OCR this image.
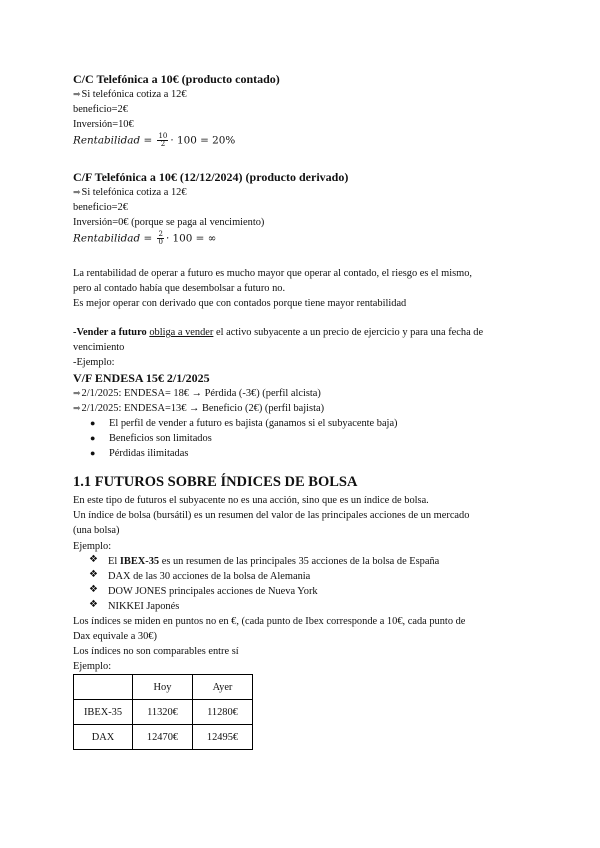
C/C Telefónica a 10€ (producto contado)
➡Si telefónica cotiza a 12€
beneficio=2€
Inversión=10€
Rentabilidad = $\frac{10}{2} \cdot 100 = 20\%$
C/F Telefónica a 10€ (12/12/2024) (producto derivado)
➡Si telefónica cotiza a 12€
beneficio=2€
Inversión=0€ (porque se paga al vencimiento)
Rentabilidad = $\frac{2}{0} \cdot 100$ = ∞
La rentabilidad de operar a futuro es mucho mayor que operar al contado, el riesgo es el mismo,
pero al contado había que desembolsar a futuro no.
Es mejor operar con derivado que con contados porque tiene mayor rentabilidad
-Vender a futuro obliga a vender el activo subyacente a un precio de ejercicio y para una fecha de
vencimiento
-Ejemplo:
V/F ENDESA 15€ 2/1/2025
➡2/1/2025: ENDESA= 18€ → Pérdida (-3€) (perfil alcista)
➡2/1/2025: ENDESA=13€ → Beneficio (2€) (perfil bajista)
● El perfil de vender a futuro es bajista (ganamos si el subyacente baja)
● Beneficios son limitados
● Pérdidas ilimitadas
1.1 FUTUROS SOBRE ÍNDICES DE BOLSA
En este tipo de futuros el subyacente no es una acción, sino que es un índice de bolsa.
Un índice de bolsa (bursátil) es un resumen del valor de las principales acciones de un mercado
(una bolsa)
Ejemplo:
❖ El IBEX-35 es un resumen de las principales 35 acciones de la bolsa de España
❖ DAX de las 30 acciones de la bolsa de Alemania
❖ DOW JONES principales acciones de Nueva York
❖ NIKKEI Japonés
Los índices se miden en puntos no en €, (cada punto de Ibex corresponde a 10€, cada punto de
Dax equivale a 30€)
Los índices no son comparables entre sí
Ejemplo:
	Hoy	Ayer
IBEX-35	11320€	11280€
DAX	12470€	12495€
